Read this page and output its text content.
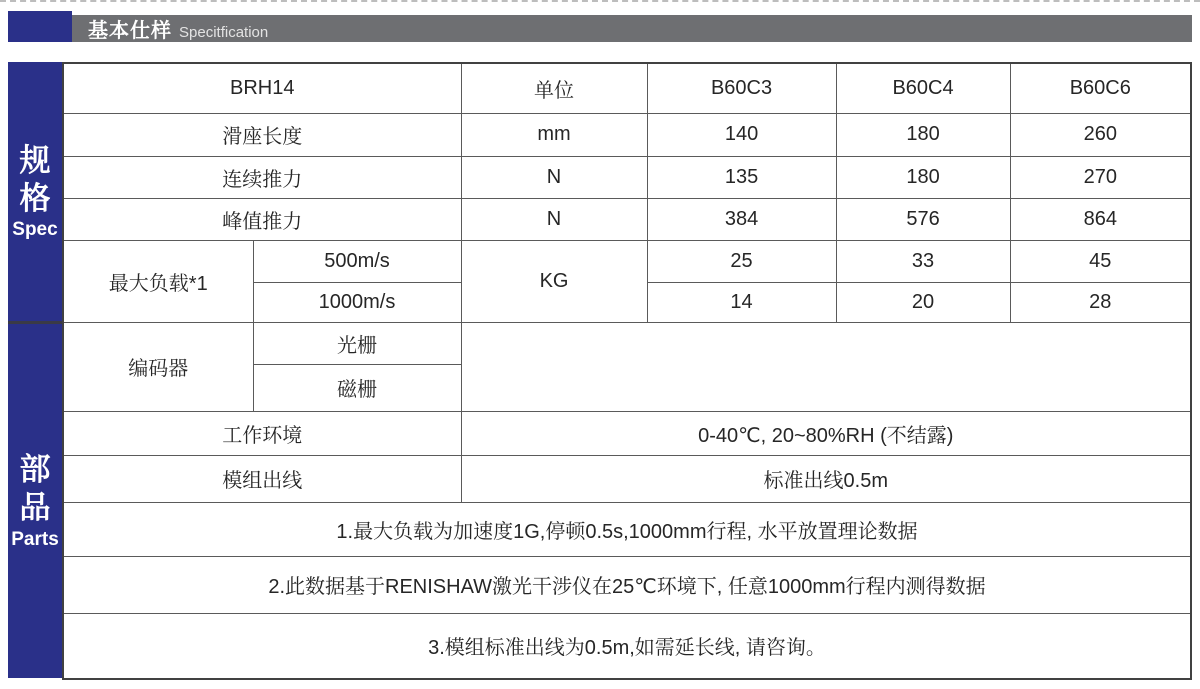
基本仕样 Specitfication
规格
Spec
部品
Parts
BRH14		单位	B60C3	B60C4	B60C6
滑座长度		mm	140	180	260
连续推力		N	135	180	270
峰值推力		N	384	576	864
最大负载*1	500m/s	KG	25	33	45
	1000m/s		14	20	28
编码器	光栅				
	磁栅				
工作环境		0-40℃, 20~80%RH (不结露)			
模组出线		标准出线0.5m			
1.最大负载为加速度1G,停顿0.5s,1000mm行程, 水平放置理论数据					
2.此数据基于RENISHAW激光干涉仪在25℃环境下, 任意1000mm行程内测得数据					
3.模组标准出线为0.5m,如需延长线, 请咨询。					
